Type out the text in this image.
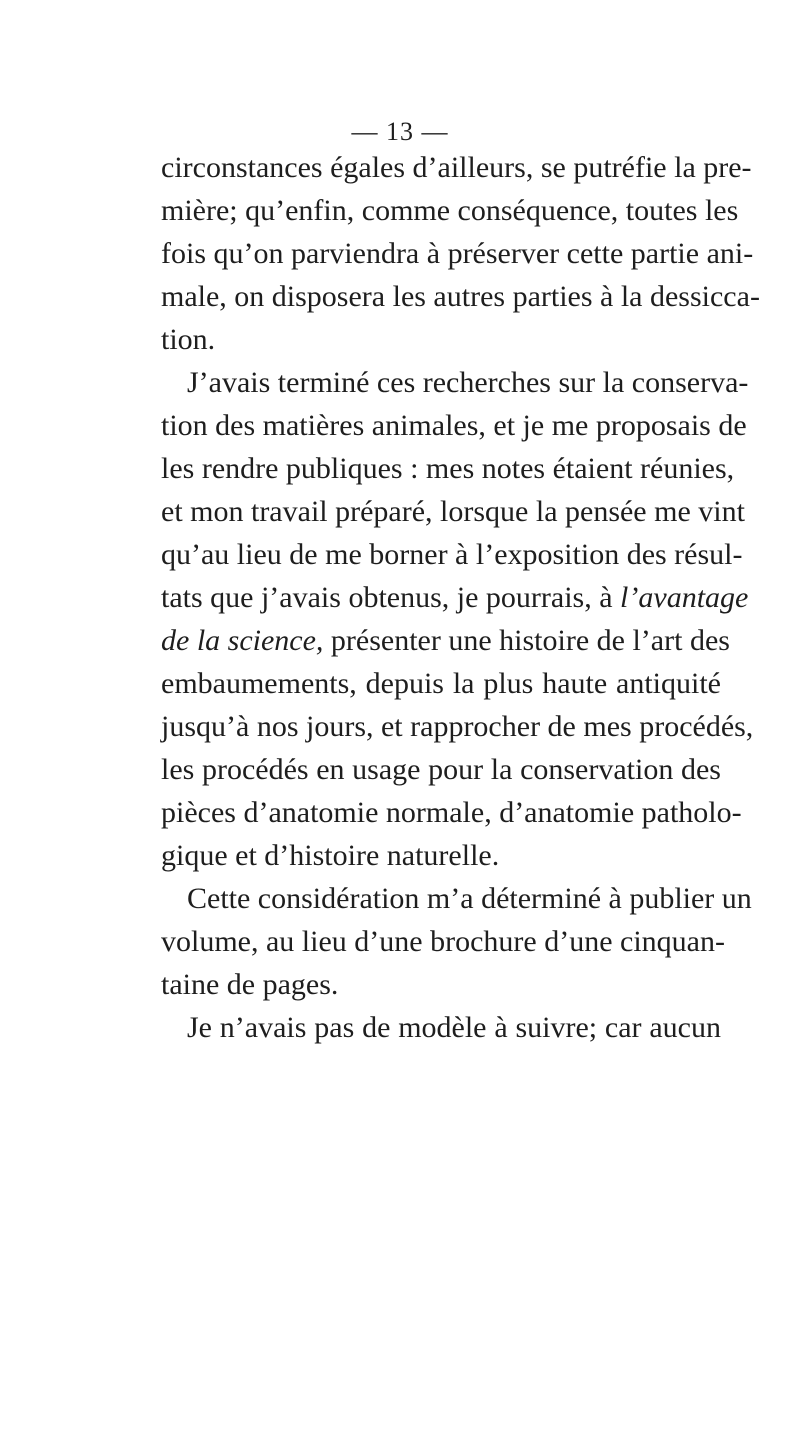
— 13 —
circonstances égales d’ailleurs, se putréfie la pre-
mière; qu’enfin, comme conséquence, toutes les
fois qu’on parviendra à préserver cette partie ani-
male, on disposera les autres parties à la dessicca-
tion.
J’avais terminé ces recherches sur la conserva-
tion des matières animales, et je me proposais de
les rendre publiques : mes notes étaient réunies,
et mon travail préparé, lorsque la pensée me vint
qu’au lieu de me borner à l’exposition des résul-
tats que j’avais obtenus, je pourrais, à l’avantage
de la science, présenter une histoire de l’art des
embaumements, depuis la plus haute antiquité
jusqu’à nos jours, et rapprocher de mes procédés,
les procédés en usage pour la conservation des
pièces d’anatomie normale, d’anatomie patholo-
gique et d’histoire naturelle.
Cette considération m’a déterminé à publier un
volume, au lieu d’une brochure d’une cinquan-
taine de pages.
Je n’avais pas de modèle à suivre; car aucun
